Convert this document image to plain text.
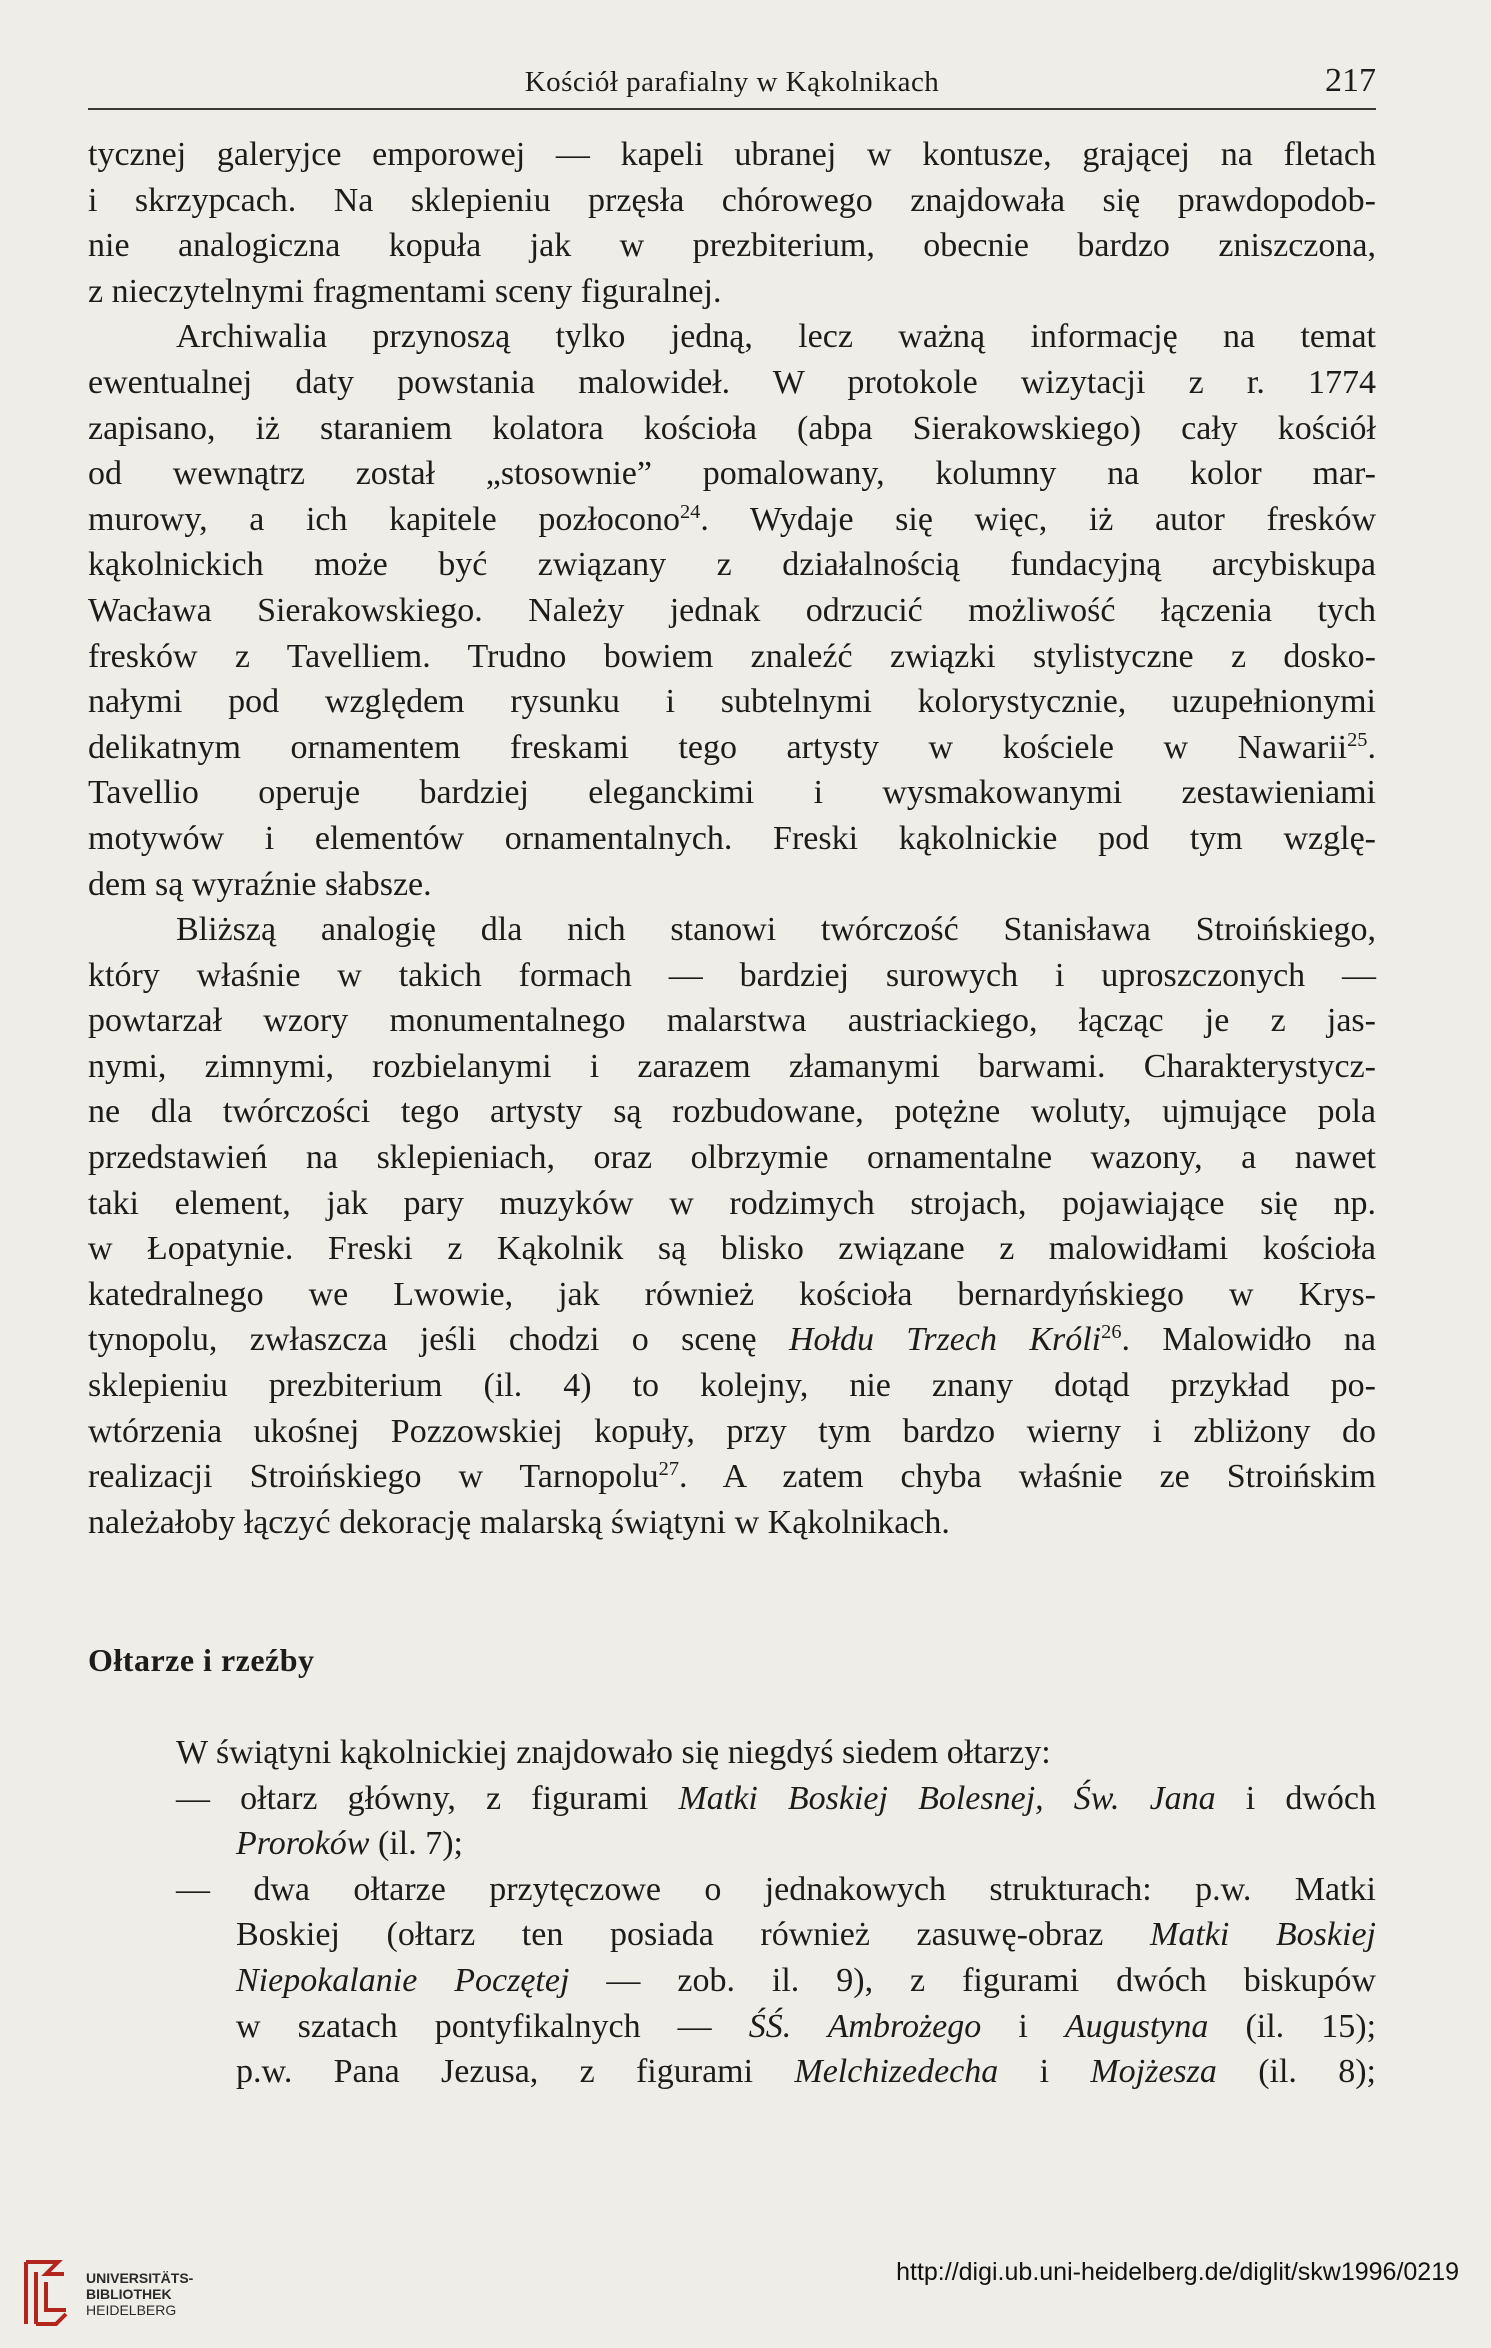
Kościół parafialny w Kąkolnikach	217
tycznej galeryjce emporowej — kapeli ubranej w kontusze, grającej na fletach
i skrzypcach. Na sklepieniu przęsła chórowego znajdowała się prawdopodob-
nie analogiczna kopuła jak w prezbiterium, obecnie bardzo zniszczona,
z nieczytelnymi fragmentami sceny figuralnej.
Archiwalia przynoszą tylko jedną, lecz ważną informację na temat
ewentualnej daty powstania malowideł. W protokole wizytacji z r. 1774
zapisano, iż staraniem kolatora kościoła (abpa Sierakowskiego) cały kościół
od wewnątrz został „stosownie” pomalowany, kolumny na kolor mar-
murowy, a ich kapitele pozłocono$^{24}$. Wydaje się więc, iż autor fresków
kąkolnickich może być związany z działalnością fundacyjną arcybiskupa
Wacława Sierakowskiego. Należy jednak odrzucić możliwość łączenia tych
fresków z Tavelliem. Trudno bowiem znaleźć związki stylistyczne z dosko-
nałymi pod względem rysunku i subtelnymi kolorystycznie, uzupełnionymi
delikatnym ornamentem freskami tego artysty w kościele w Nawarii$^{25}$.
Tavellio operuje bardziej eleganckimi i wysmakowanymi zestawieniami
motywów i elementów ornamentalnych. Freski kąkolnickie pod tym wzglę-
dem są wyraźnie słabsze.
Bliższą analogię dla nich stanowi twórczość Stanisława Stroińskiego,
który właśnie w takich formach — bardziej surowych i uproszczonych —
powtarzał wzory monumentalnego malarstwa austriackiego, łącząc je z jas-
nymi, zimnymi, rozbielanymi i zarazem złamanymi barwami. Charakterystycz-
ne dla twórczości tego artysty są rozbudowane, potężne woluty, ujmujące pola
przedstawień na sklepieniach, oraz olbrzymie ornamentalne wazony, a nawet
taki element, jak pary muzyków w rodzimych strojach, pojawiające się np.
w Łopatynie. Freski z Kąkolnik są blisko związane z malowidłami kościoła
katedralnego we Lwowie, jak również kościoła bernardyńskiego w Krys-
tynopolu, zwłaszcza jeśli chodzi o scenę Hołdu Trzech Króli$^{26}$. Malowidło na
sklepieniu prezbiterium (il. 4) to kolejny, nie znany dotąd przykład po-
wtórzenia ukośnej Pozzowskiej kopuły, przy tym bardzo wierny i zbliżony do
realizacji Stroińskiego w Tarnopolu$^{27}$. A zatem chyba właśnie ze Stroińskim
należałoby łączyć dekorację malarską świątyni w Kąkolnikach.
Ołtarze i rzeźby
W świątyni kąkolnickiej znajdowało się niegdyś siedem ołtarzy:
— ołtarz główny, z figurami Matki Boskiej Bolesnej, Św. Jana i dwóch
Proroków (il. 7);
— dwa ołtarze przytęczowe o jednakowych strukturach: p.w. Matki
Boskiej (ołtarz ten posiada również zasuwę-obraz Matki Boskiej
Niepokalanie Poczętej — zob. il. 9), z figurami dwóch biskupów
w szatach pontyfikalnych — ŚŚ. Ambrożego i Augustyna (il. 15);
p.w. Pana Jezusa, z figurami Melchizedecha i Mojżesza (il. 8);
UNIVERSITÄTS-
BIBLIOTHEK
HEIDELBERG
http://digi.ub.uni-heidelberg.de/diglit/skw1996/0219
